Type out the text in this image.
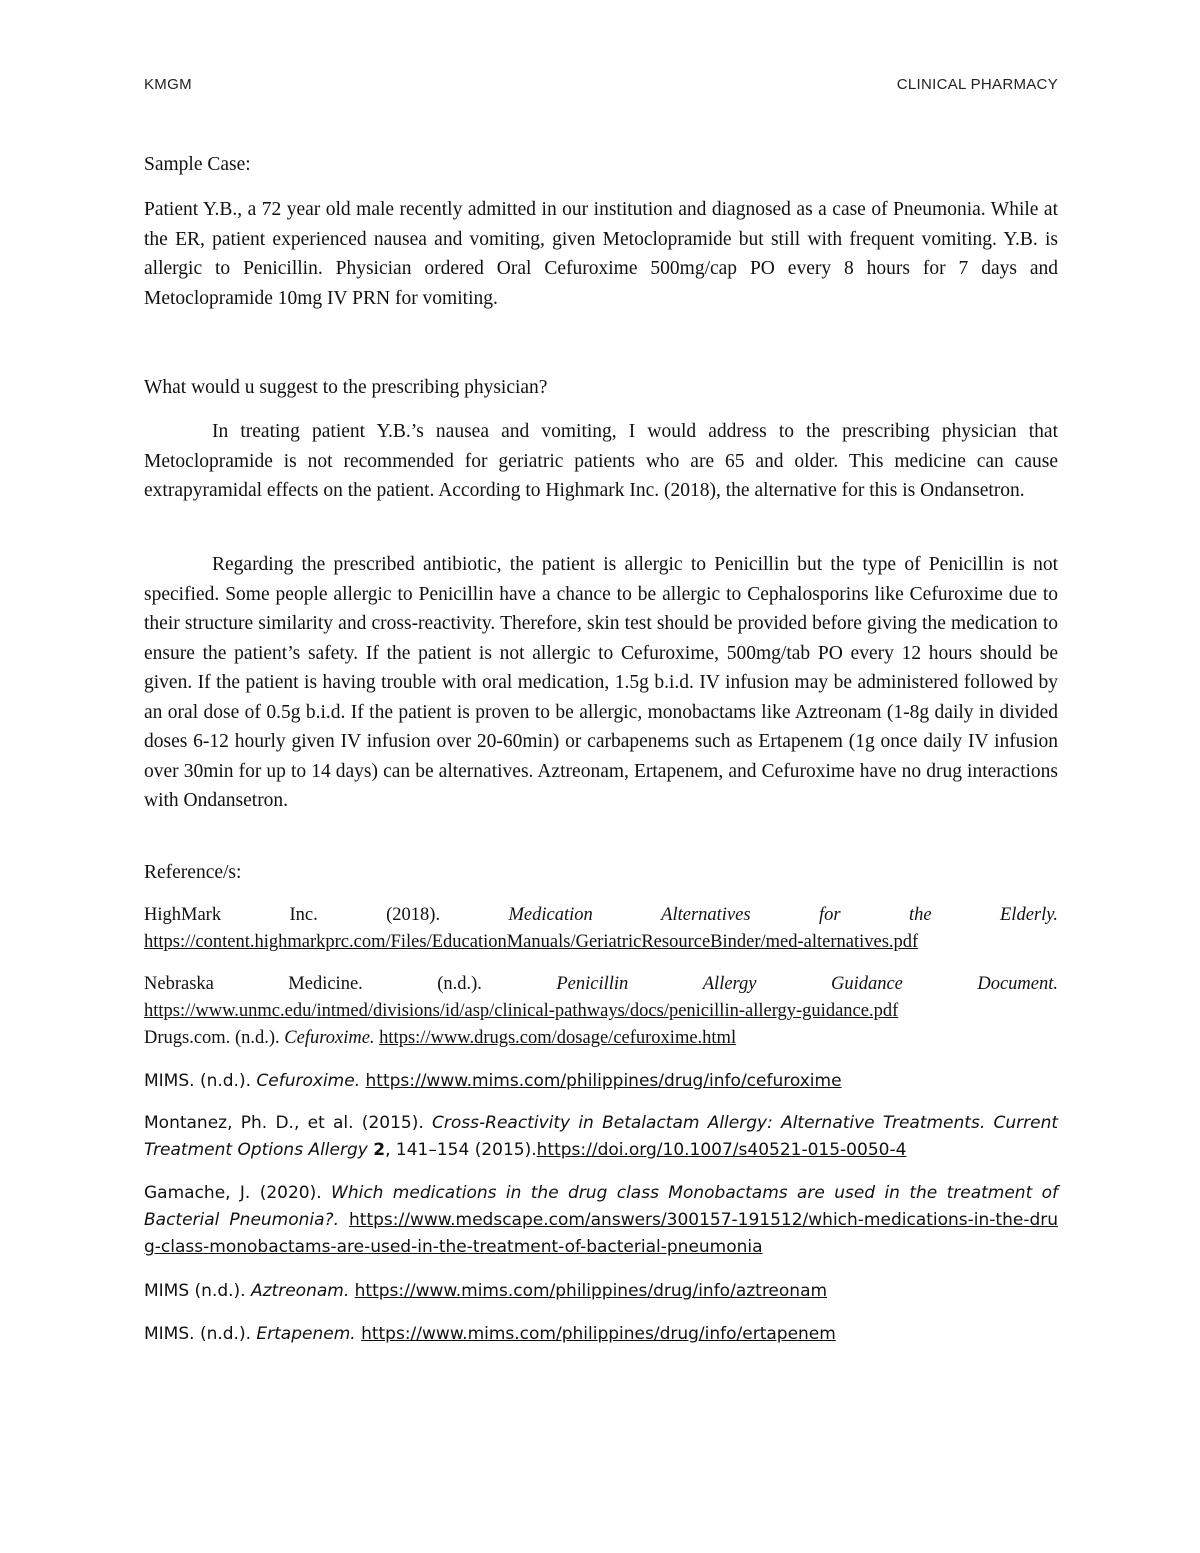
KMGM	CLINICAL PHARMACY
Sample Case:

Patient Y.B., a 72 year old male recently admitted in our institution and diagnosed as a case of Pneumonia. While at the ER, patient experienced nausea and vomiting, given Metoclopramide but still with frequent vomiting. Y.B. is allergic to Penicillin. Physician ordered Oral Cefuroxime 500mg/cap PO every 8 hours for 7 days and Metoclopramide 10mg IV PRN for vomiting.

What would u suggest to the prescribing physician?

In treating patient Y.B.’s nausea and vomiting, I would address to the prescribing physician that Metoclopramide is not recommended for geriatric patients who are 65 and older. This medicine can cause extrapyramidal effects on the patient. According to Highmark Inc. (2018), the alternative for this is Ondansetron.

Regarding the prescribed antibiotic, the patient is allergic to Penicillin but the type of Penicillin is not specified. Some people allergic to Penicillin have a chance to be allergic to Cephalosporins like Cefuroxime due to their structure similarity and cross-reactivity. Therefore, skin test should be provided before giving the medication to ensure the patient’s safety. If the patient is not allergic to Cefuroxime, 500mg/tab PO every 12 hours should be given. If the patient is having trouble with oral medication, 1.5g b.i.d. IV infusion may be administered followed by an oral dose of 0.5g b.i.d. If the patient is proven to be allergic, monobactams like Aztreonam (1-8g daily in divided doses 6-12 hourly given IV infusion over 20-60min) or carbapenems such as Ertapenem (1g once daily IV infusion over 30min for up to 14 days) can be alternatives. Aztreonam, Ertapenem, and Cefuroxime have no drug interactions with Ondansetron.

Reference/s:
HighMark	Inc.	(2018).	Medication	Alternatives	for	the	Elderly.
https://content.highmarkprc.com/Files/EducationManuals/GeriatricResourceBinder/med-alternatives.pdf
Nebraska	Medicine.	(n.d.).	Penicillin	Allergy	Guidance	Document.
https://www.unmc.edu/intmed/divisions/id/asp/clinical-pathways/docs/penicillin-allergy-guidance.pdf
Drugs.com. (n.d.). Cefuroxime. https://www.drugs.com/dosage/cefuroxime.html
MIMS. (n.d.). Cefuroxime. https://www.mims.com/philippines/drug/info/cefuroxime
Montanez, Ph. D., et al. (2015). Cross-Reactivity in Betalactam Allergy: Alternative Treatments. Current Treatment Options Allergy 2, 141–154 (2015).https://doi.org/10.1007/s40521-015-0050-4
Gamache, J. (2020). Which medications in the drug class Monobactams are used in the treatment of Bacterial Pneumonia?. https://www.medscape.com/answers/300157-191512/which-medications-in-the-drug-class-monobactams-are-used-in-the-treatment-of-bacterial-pneumonia
MIMS (n.d.). Aztreonam. https://www.mims.com/philippines/drug/info/aztreonam
MIMS. (n.d.). Ertapenem. https://www.mims.com/philippines/drug/info/ertapenem
